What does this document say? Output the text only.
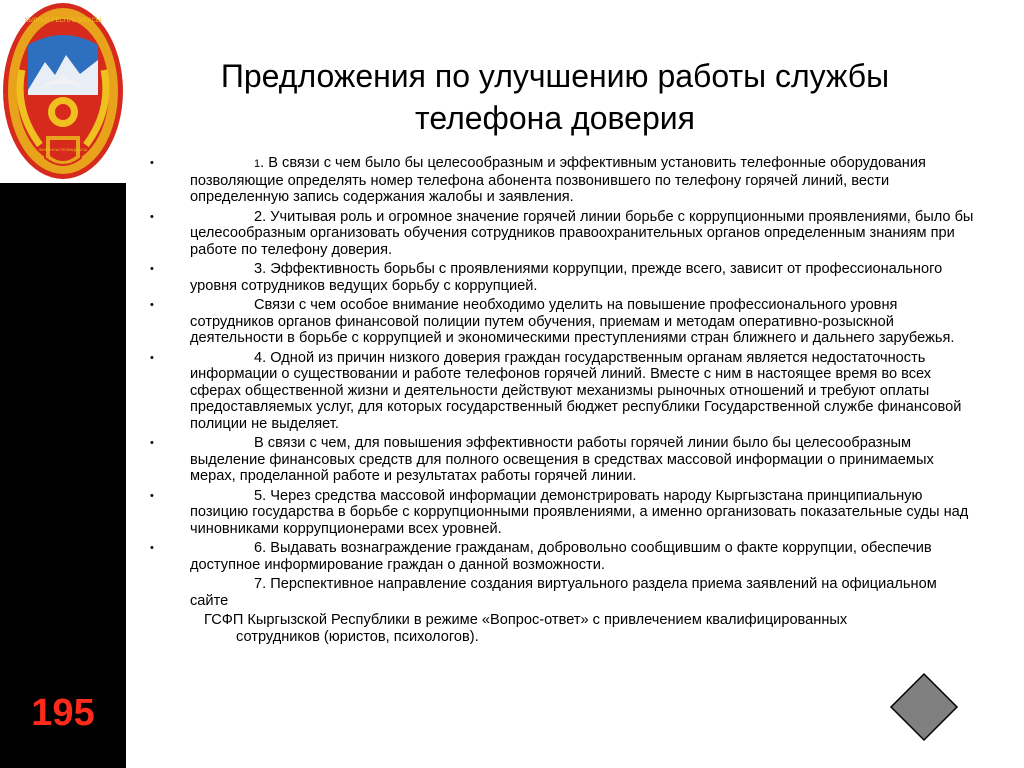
КЫРГЫЗ РЕСПУБЛИКАСЫ
ФИНАНСЫ ПОЛИЦИЯСЫ
195
Предложения по улучшению работы службы
телефона доверия
•	1. В связи с чем было бы целесообразным и эффективным установить телефонные оборудования позволяющие определять номер телефона абонента позвонившего по телефону горячей линий, вести определенную запись содержания жалобы и заявления.
•	2. Учитывая роль и огромное значение горячей линии борьбе с коррупционными проявлениями, было бы целесообразным организовать обучения сотрудников правоохранительных органов определенным знаниям при работе по телефону доверия.
•	3. Эффективность борьбы с проявлениями коррупции, прежде всего, зависит от профессионального уровня сотрудников ведущих борьбу с коррупцией.
•	Связи с чем особое внимание необходимо уделить на повышение профессионального уровня сотрудников органов финансовой полиции путем обучения, приемам и методам оперативно-розыскной деятельности в борьбе с коррупцией и экономическими преступлениями стран ближнего и дальнего зарубежья.
•	4. Одной из причин низкого доверия граждан государственным органам является недостаточность информации о существовании и работе телефонов горячей линий. Вместе с ним в настоящее время во всех сферах общественной жизни и деятельности действуют механизмы рыночных отношений и требуют оплаты предоставляемых услуг, для которых государственный бюджет республики Государственной службе финансовой полиции не выделяет.
•	В связи с чем, для повышения эффективности работы горячей линии было бы целесообразным выделение финансовых средств для полного освещения в средствах массовой информации о принимаемых мерах, проделанной работе и результатах работы горячей линии.
•	5. Через средства массовой информации демонстрировать народу Кыргызстана принципиальную позицию государства в борьбе с коррупционными проявлениями, а именно организовать показательные суды над чиновниками коррупционерами всех уровней.
•	6. Выдавать вознаграждение гражданам, добровольно сообщившим о факте коррупции, обеспечив доступное информирование граждан о данной возможности.
7. Перспективное направление создания виртуального раздела приема заявлений на официальном сайте
ГСФП Кыргызской Республики в режиме «Вопрос-ответ» с привлечением квалифицированных
сотрудников (юристов, психологов).
